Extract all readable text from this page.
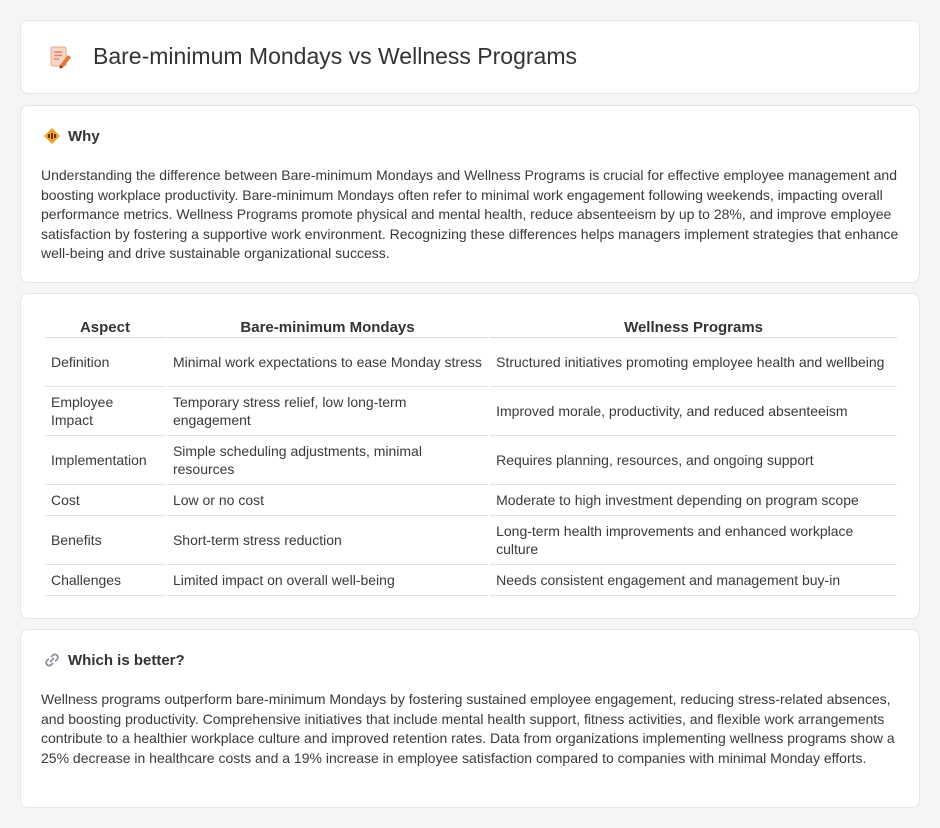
Bare-minimum Mondays vs Wellness Programs
Why

Understanding the difference between Bare-minimum Mondays and Wellness Programs is crucial for effective employee management and boosting workplace productivity. Bare-minimum Mondays often refer to minimal work engagement following weekends, impacting overall performance metrics. Wellness Programs promote physical and mental health, reduce absenteeism by up to 28%, and improve employee satisfaction by fostering a supportive work environment. Recognizing these differences helps managers implement strategies that enhance well-being and drive sustainable organizational success.

Aspect	Bare-minimum Mondays	Wellness Programs
Definition	Minimal work expectations to ease Monday stress	Structured initiatives promoting employee health and wellbeing
Employee Impact	Temporary stress relief, low long-term engagement	Improved morale, productivity, and reduced absenteeism
Implementation	Simple scheduling adjustments, minimal resources	Requires planning, resources, and ongoing support
Cost	Low or no cost	Moderate to high investment depending on program scope
Benefits	Short-term stress reduction	Long-term health improvements and enhanced workplace culture
Challenges	Limited impact on overall well-being	Needs consistent engagement and management buy-in
Which is better?

Wellness programs outperform bare-minimum Mondays by fostering sustained employee engagement, reducing stress-related absences, and boosting productivity. Comprehensive initiatives that include mental health support, fitness activities, and flexible work arrangements contribute to a healthier workplace culture and improved retention rates. Data from organizations implementing wellness programs show a 25% decrease in healthcare costs and a 19% increase in employee satisfaction compared to companies with minimal Monday efforts.
